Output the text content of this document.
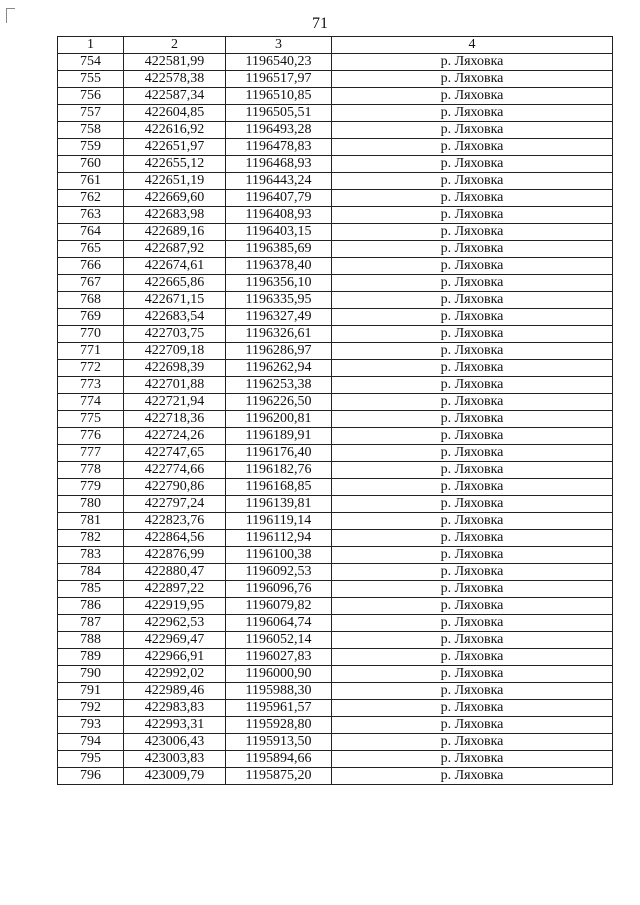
71
1	2	3	4
754	422581,99	1196540,23	р. Ляховка
755	422578,38	1196517,97	р. Ляховка
756	422587,34	1196510,85	р. Ляховка
757	422604,85	1196505,51	р. Ляховка
758	422616,92	1196493,28	р. Ляховка
759	422651,97	1196478,83	р. Ляховка
760	422655,12	1196468,93	р. Ляховка
761	422651,19	1196443,24	р. Ляховка
762	422669,60	1196407,79	р. Ляховка
763	422683,98	1196408,93	р. Ляховка
764	422689,16	1196403,15	р. Ляховка
765	422687,92	1196385,69	р. Ляховка
766	422674,61	1196378,40	р. Ляховка
767	422665,86	1196356,10	р. Ляховка
768	422671,15	1196335,95	р. Ляховка
769	422683,54	1196327,49	р. Ляховка
770	422703,75	1196326,61	р. Ляховка
771	422709,18	1196286,97	р. Ляховка
772	422698,39	1196262,94	р. Ляховка
773	422701,88	1196253,38	р. Ляховка
774	422721,94	1196226,50	р. Ляховка
775	422718,36	1196200,81	р. Ляховка
776	422724,26	1196189,91	р. Ляховка
777	422747,65	1196176,40	р. Ляховка
778	422774,66	1196182,76	р. Ляховка
779	422790,86	1196168,85	р. Ляховка
780	422797,24	1196139,81	р. Ляховка
781	422823,76	1196119,14	р. Ляховка
782	422864,56	1196112,94	р. Ляховка
783	422876,99	1196100,38	р. Ляховка
784	422880,47	1196092,53	р. Ляховка
785	422897,22	1196096,76	р. Ляховка
786	422919,95	1196079,82	р. Ляховка
787	422962,53	1196064,74	р. Ляховка
788	422969,47	1196052,14	р. Ляховка
789	422966,91	1196027,83	р. Ляховка
790	422992,02	1196000,90	р. Ляховка
791	422989,46	1195988,30	р. Ляховка
792	422983,83	1195961,57	р. Ляховка
793	422993,31	1195928,80	р. Ляховка
794	423006,43	1195913,50	р. Ляховка
795	423003,83	1195894,66	р. Ляховка
796	423009,79	1195875,20	р. Ляховка
